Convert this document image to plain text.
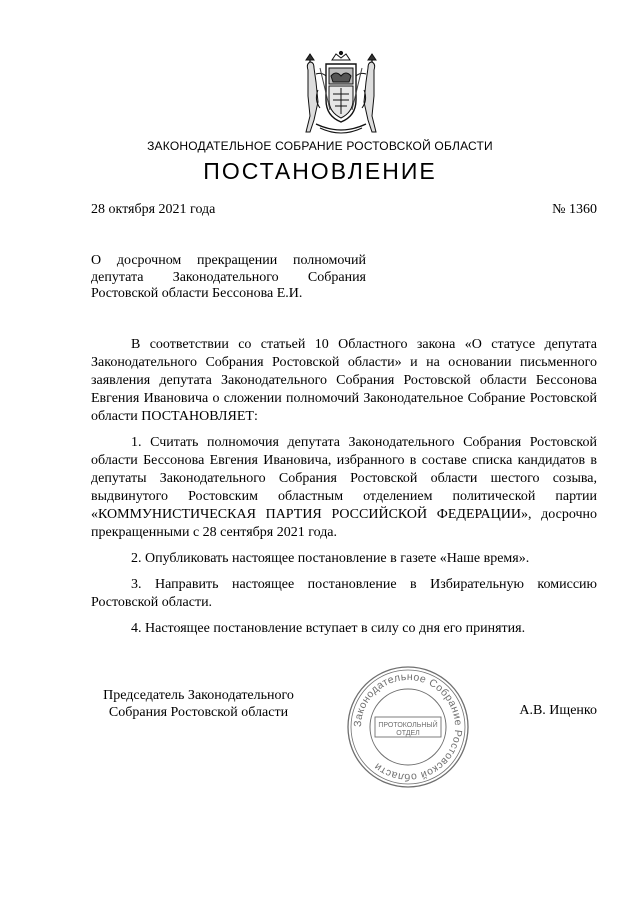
ЗАКОНОДАТЕЛЬНОЕ СОБРАНИЕ РОСТОВСКОЙ ОБЛАСТИ
ПОСТАНОВЛЕНИЕ
28 октября 2021 года	№ 1360
О досрочном прекращении полномочий
депутата Законодательного Собрания
Ростовской области Бессонова Е.И.

В соответствии со статьей 10 Областного закона «О статусе депутата Законодательного Собрания Ростовской области» и на основании письменного заявления депутата Законодательного Собрания Ростовской области Бессонова Евгения Ивановича о сложении полномочий Законодательное Собрание Ростовской области ПОСТАНОВЛЯЕТ:

1. Считать полномочия депутата Законодательного Собрания Ростовской области Бессонова Евгения Ивановича, избранного в составе списка кандидатов в депутаты Законодательного Собрания Ростовской области шестого созыва, выдвинутого Ростовским областным отделением политической партии «КОММУНИСТИЧЕСКАЯ ПАРТИЯ РОССИЙСКОЙ ФЕДЕРАЦИИ», досрочно прекращенными с 28 сентября 2021 года.

2. Опубликовать настоящее постановление в газете «Наше время».

3. Направить настоящее постановление в Избирательную комиссию Ростовской области.

4. Настоящее постановление вступает в силу со дня его принятия.

Председатель Законодательного
Собрания Ростовской области
Законодательное Собрание Ростовской области
ПРОТОКОЛЬНЫЙ
ОТДЕЛ
А.В. Ищенко
